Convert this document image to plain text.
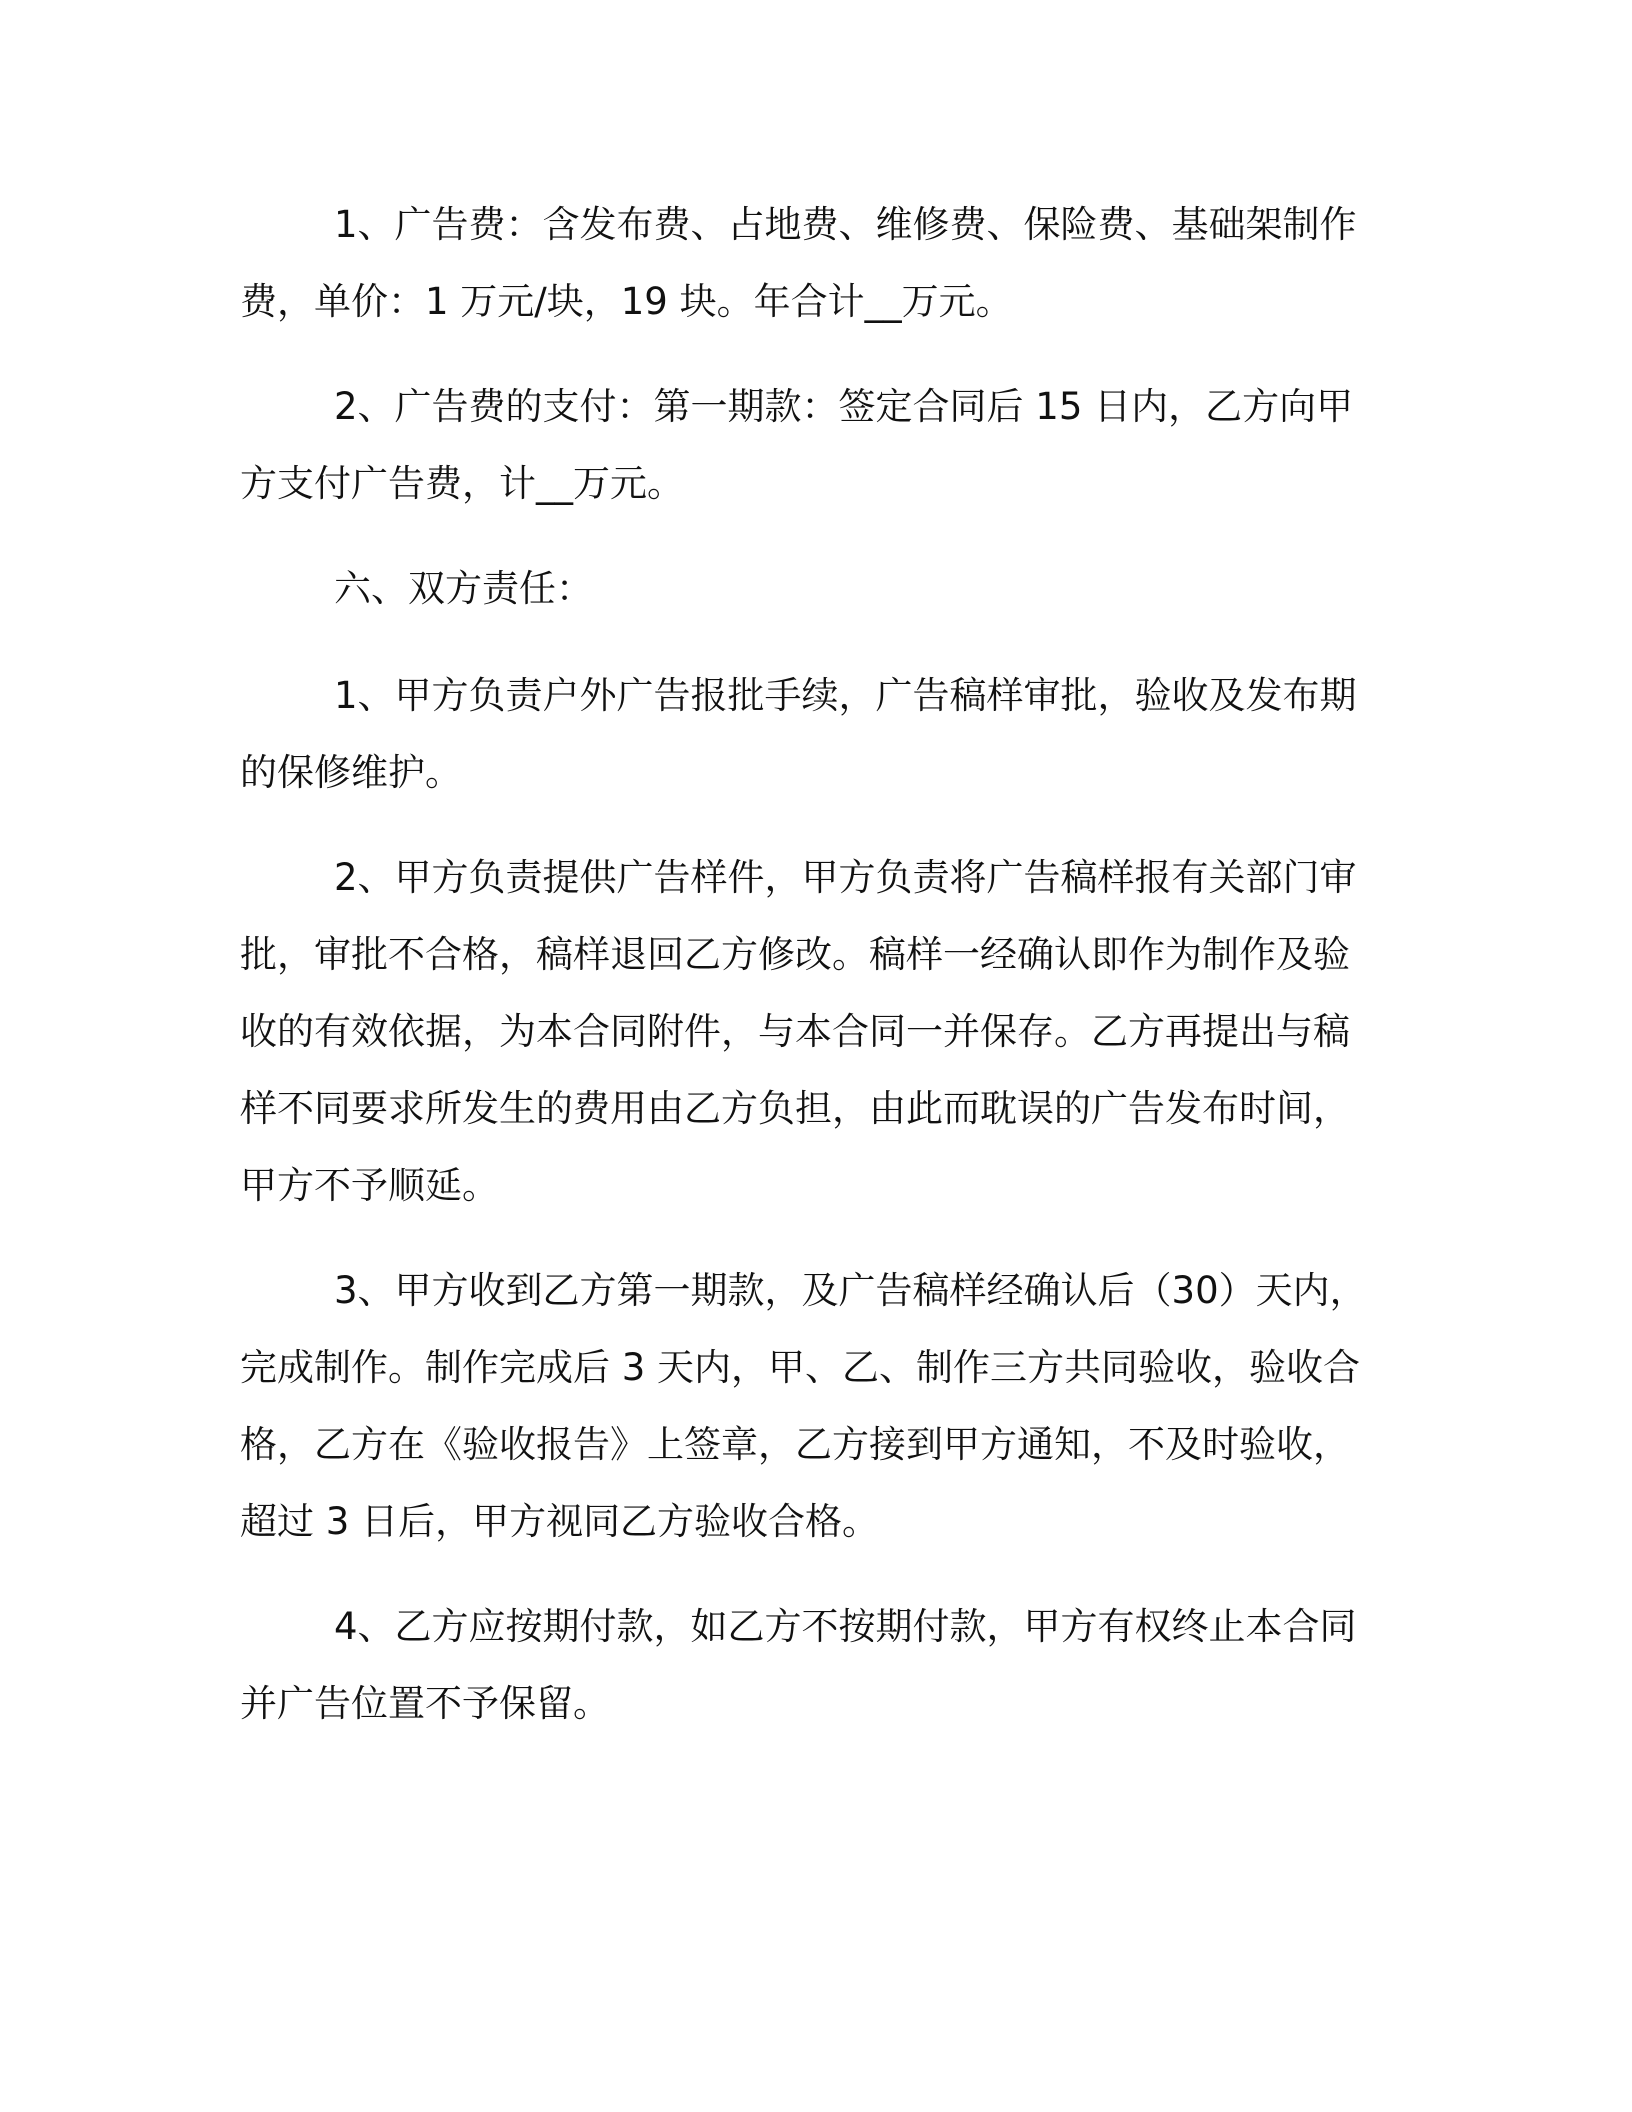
1、广告费：含发布费、占地费、维修费、保险费、基础架制作费，单价：1 万元/块，19 块。年合计__万元。

2、广告费的支付：第一期款：签定合同后 15 日内，乙方向甲方支付广告费，计__万元。

六、双方责任：

1、甲方负责户外广告报批手续，广告稿样审批，验收及发布期的保修维护。

2、甲方负责提供广告样件，甲方负责将广告稿样报有关部门审批，审批不合格，稿样退回乙方修改。稿样一经确认即作为制作及验收的有效依据，为本合同附件，与本合同一并保存。乙方再提出与稿样不同要求所发生的费用由乙方负担，由此而耽误的广告发布时间，甲方不予顺延。

3、甲方收到乙方第一期款，及广告稿样经确认后（30）天内，完成制作。制作完成后 3 天内，甲、乙、制作三方共同验收，验收合格，乙方在《验收报告》上签章，乙方接到甲方通知，不及时验收，超过 3 日后，甲方视同乙方验收合格。

4、乙方应按期付款，如乙方不按期付款，甲方有权终止本合同并广告位置不予保留。
